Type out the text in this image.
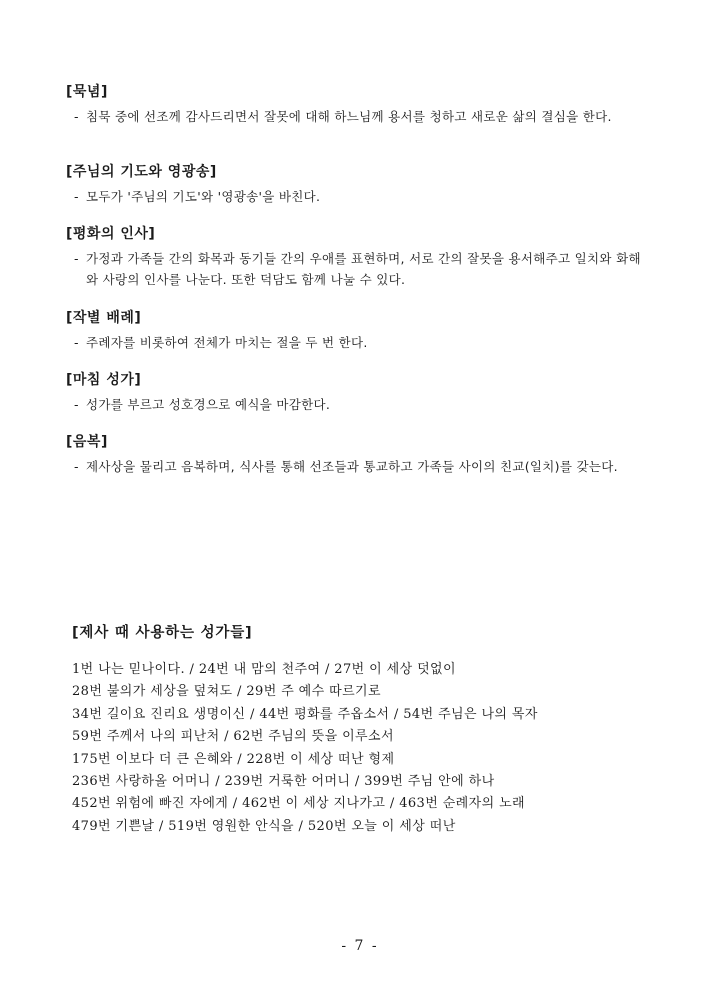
[묵념]
- 침묵 중에 선조께 감사드리면서 잘못에 대해 하느님께 용서를 청하고 새로운 삶의 결심을 한다.
[주님의 기도와 영광송]
- 모두가 '주님의 기도'와 '영광송'을 바친다.
[평화의 인사]
- 가정과 가족들 간의 화목과 동기들 간의 우애를 표현하며, 서로 간의 잘못을 용서해주고 일치와 화해와 사랑의 인사를 나눈다. 또한 덕담도 함께 나눌 수 있다.
[작별 배례]
- 주례자를 비롯하여 전체가 마치는 절을 두 번 한다.
[마침 성가]
- 성가를 부르고 성호경으로 예식을 마감한다.
[음복]
- 제사상을 물리고 음복하며, 식사를 통해 선조들과 통교하고 가족들 사이의 친교(일치)를 갖는다.
[제사 때 사용하는 성가들]
1번 나는 믿나이다. / 24번 내 맘의 천주여 / 27번 이 세상 덧없이
28번 불의가 세상을 덮쳐도 / 29번 주 예수 따르기로
34번 길이요 진리요 생명이신 / 44번 평화를 주옵소서 / 54번 주님은 나의 목자
59번 주께서 나의 피난처 / 62번 주님의 뜻을 이루소서
175번 이보다 더 큰 은혜와 / 228번 이 세상 떠난 형제
236번 사랑하올 어머니 / 239번 거룩한 어머니 / 399번 주님 안에 하나
452번 위험에 빠진 자에게 / 462번 이 세상 지나가고 / 463번 순례자의 노래
479번 기쁜날 / 519번 영원한 안식을 / 520번 오늘 이 세상 떠난
- 7 -
